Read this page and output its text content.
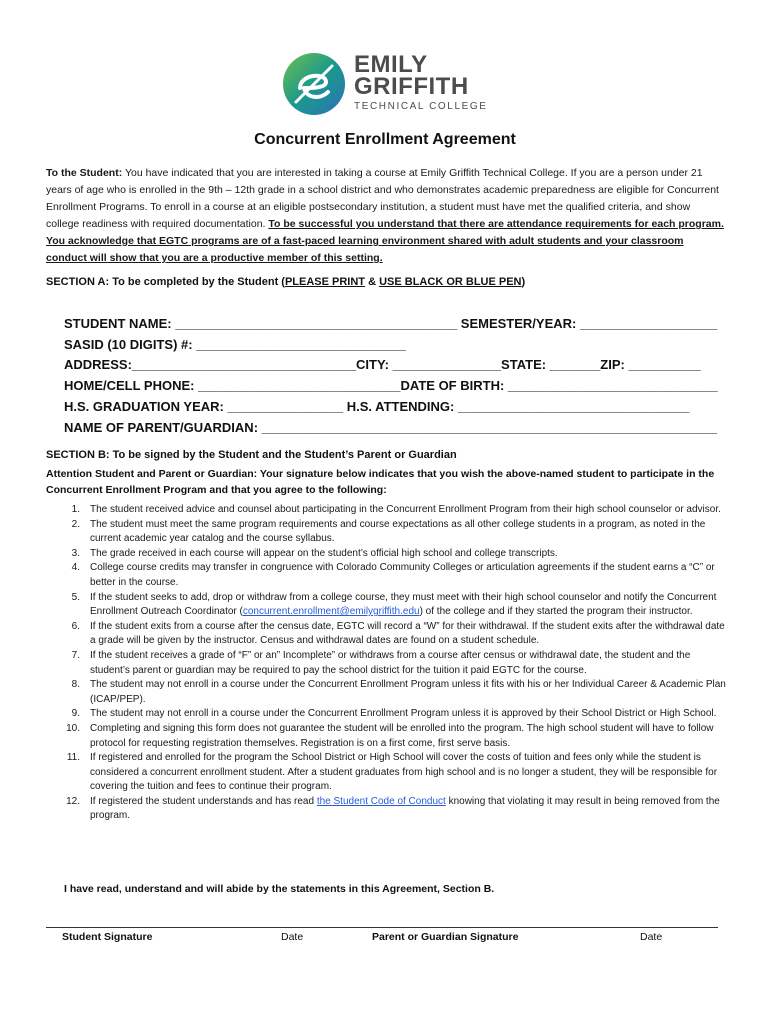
EMILY
GRIFFITH
TECHNICAL COLLEGE
Concurrent Enrollment Agreement
To the Student: You have indicated that you are interested in taking a course at Emily Griffith Technical College. If you are a person under 21 years of age who is enrolled in the 9th – 12th grade in a school district and who demonstrates academic preparedness are eligible for Concurrent Enrollment Programs. To enroll in a course at an eligible postsecondary institution, a student must have met the qualified criteria, and show college readiness with required documentation. To be successful you understand that there are attendance requirements for each program. You acknowledge that EGTC programs are of a fast-paced learning environment shared with adult students and your classroom conduct will show that you are a productive member of this setting.
SECTION A: To be completed by the Student (PLEASE PRINT & USE BLACK OR BLUE PEN)
STUDENT NAME: _______________________________________ SEMESTER/YEAR: ___________________
SASID (10 DIGITS) #: _____________________________
ADDRESS:_______________________________CITY: _______________STATE: _______ZIP: __________
HOME/CELL PHONE: ____________________________DATE OF BIRTH: _____________________________
H.S. GRADUATION YEAR: ________________ H.S. ATTENDING: ________________________________
NAME OF PARENT/GUARDIAN: _______________________________________________________________
SECTION B: To be signed by the Student and the Student’s Parent or Guardian
Attention Student and Parent or Guardian: Your signature below indicates that you wish the above-named student to participate in the Concurrent Enrollment Program and that you agree to the following:
1. The student received advice and counsel about participating in the Concurrent Enrollment Program from their high school counselor or advisor.
2. The student must meet the same program requirements and course expectations as all other college students in a program, as noted in the current academic year catalog and the course syllabus.
3. The grade received in each course will appear on the student’s official high school and college transcripts.
4. College course credits may transfer in congruence with Colorado Community Colleges or articulation agreements if the student earns a “C” or better in the course.
5. If the student seeks to add, drop or withdraw from a college course, they must meet with their high school counselor and notify the Concurrent Enrollment Outreach Coordinator (concurrent.enrollment@emilygriffith.edu) of the college and if they started the program their instructor.
6. If the student exits from a course after the census date, EGTC will record a “W” for their withdrawal. If the student exits after the withdrawal date a grade will be given by the instructor. Census and withdrawal dates are found on a student schedule.
7. If the student receives a grade of “F” or an” Incomplete” or withdraws from a course after census or withdrawal date, the student and the student’s parent or guardian may be required to pay the school district for the tuition it paid EGTC for the course.
8. The student may not enroll in a course under the Concurrent Enrollment Program unless it fits with his or her Individual Career & Academic Plan (ICAP/PEP).
9. The student may not enroll in a course under the Concurrent Enrollment Program unless it is approved by their School District or High School.
10. Completing and signing this form does not guarantee the student will be enrolled into the program. The high school student will have to follow protocol for requesting registration themselves. Registration is on a first come, first serve basis.
11. If registered and enrolled for the program the School District or High School will cover the costs of tuition and fees only while the student is considered a concurrent enrollment student. After a student graduates from high school and is no longer a student, they will be responsible for covering the tuition and fees to continue their program.
12. If registered the student understands and has read the Student Code of Conduct knowing that violating it may result in being removed from the program.
I have read, understand and will abide by the statements in this Agreement, Section B.
Student Signature	Date	Parent or Guardian Signature	Date
